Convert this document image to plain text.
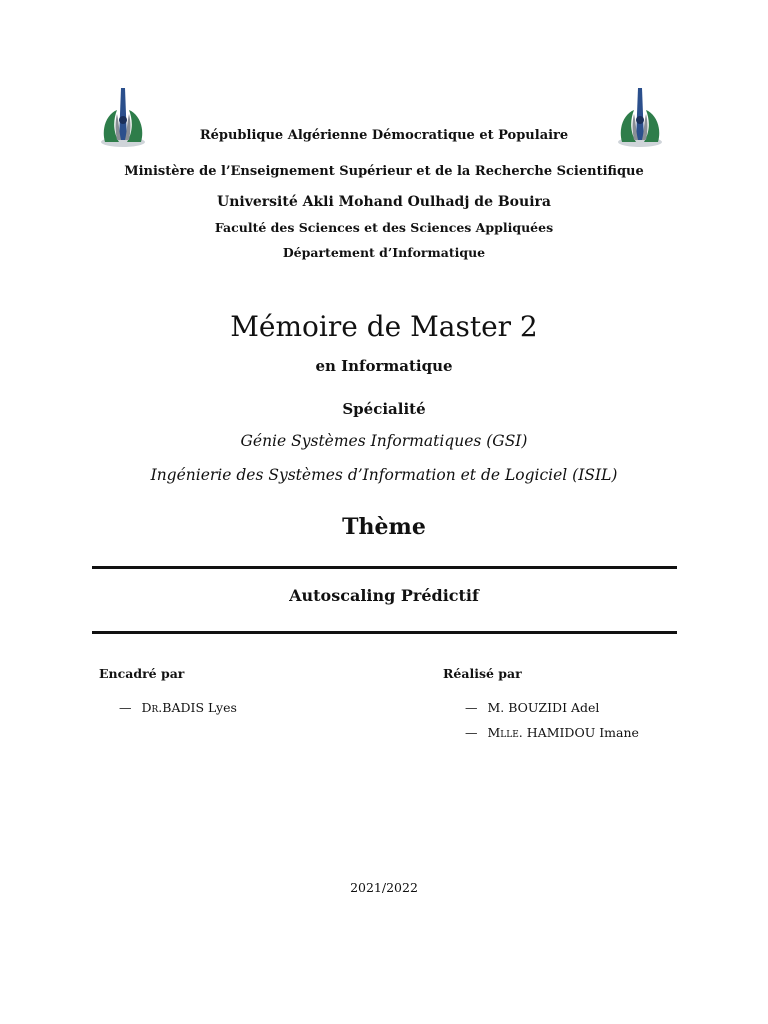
République Algérienne Démocratique et Populaire
Ministère de l’Enseignement Supérieur et de la Recherche Scientifique
Université Akli Mohand Oulhadj de Bouira
Faculté des Sciences et des Sciences Appliquées
Département d’Informatique
Mémoire de Master 2
en Informatique
Spécialité
Génie Systèmes Informatiques (GSI)
Ingénierie des Systèmes d’Information et de Logiciel (ISIL)
Thème
Autoscaling Prédictif
Encadré par
— Dr.BADIS Lyes
Réalisé par
— M. BOUZIDI Adel
— Mlle. HAMIDOU Imane
2021/2022
